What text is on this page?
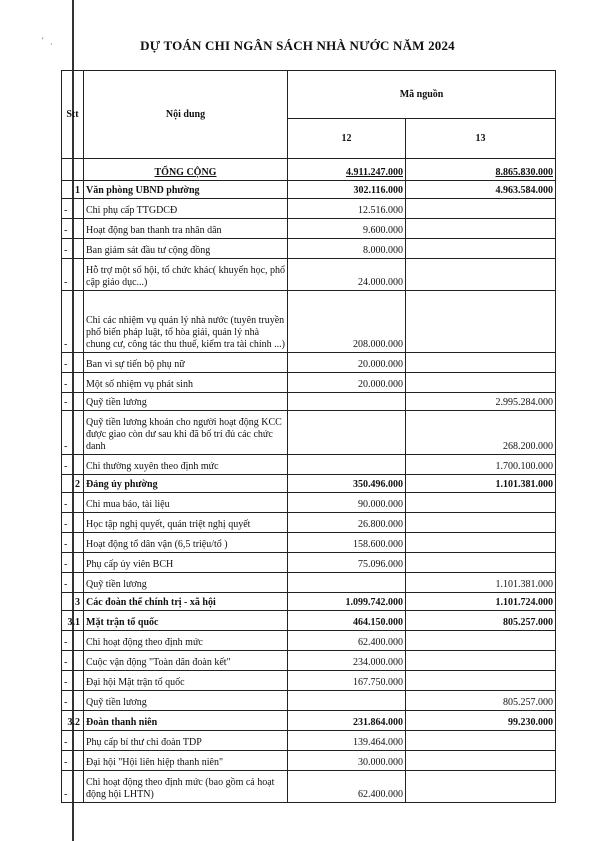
' ·	DỰ TOÁN CHI NGÂN SÁCH NHÀ NƯỚC NĂM 2024
Stt	Nội dung	Mã nguồn	
		12	13
	TỔNG CỘNG	4.911.247.000	8.865.830.000
1	Văn phòng UBND phường	302.116.000	4.963.584.000
-	Chi phụ cấp TTGDCĐ	12.516.000	
-	Hoạt động ban thanh tra nhân dân	9.600.000	
-	Ban giám sát đầu tư cộng đồng	8.000.000	
-	Hỗ trợ một số hội, tổ chức khác( khuyến học, phổ cập giáo dục...)	24.000.000	
-	Chi các nhiệm vụ quản lý nhà nước (tuyên truyền phổ biến pháp luật, tổ hòa giải, quản lý nhà chung cư, công tác thu thuế, kiểm tra tài chính ...)	208.000.000	
-	Ban vì sự tiến bộ phụ nữ	20.000.000	
-	Một số nhiệm vụ phát sinh	20.000.000	
-	Quỹ tiền lương		2.995.284.000
-	Quỹ tiền lương khoán cho người hoạt động KCC được giao còn dư sau khi đã bố trí đủ các chức danh		268.200.000
-	Chi thường xuyên theo định mức		1.700.100.000
2	Đảng ủy phường	350.496.000	1.101.381.000
-	Chi mua báo, tài liệu	90.000.000	
-	Học tập nghị quyết, quán triệt nghị quyết	26.800.000	
-	Hoạt động tổ dân vận (6,5 triệu/tổ )	158.600.000	
-	Phụ cấp ủy viên BCH	75.096.000	
-	Quỹ tiền lương		1.101.381.000
3	Các đoàn thể chính trị - xã hội	1.099.742.000	1.101.724.000
3.1	Mặt trận tổ quốc	464.150.000	805.257.000
-	Chi hoạt động theo định mức	62.400.000	
-	Cuộc vận động "Toàn dân đoàn kết"	234.000.000	
-	Đại hội Mặt trận tổ quốc	167.750.000	
-	Quỹ tiền lương		805.257.000
3.2	Đoàn thanh niên	231.864.000	99.230.000
-	Phụ cấp bí thư chi đoàn TDP	139.464.000	
-	Đại hội "Hội liên hiệp thanh niên"	30.000.000	
-	Chi hoạt động theo định mức (bao gồm cả hoạt động hội LHTN)	62.400.000	
